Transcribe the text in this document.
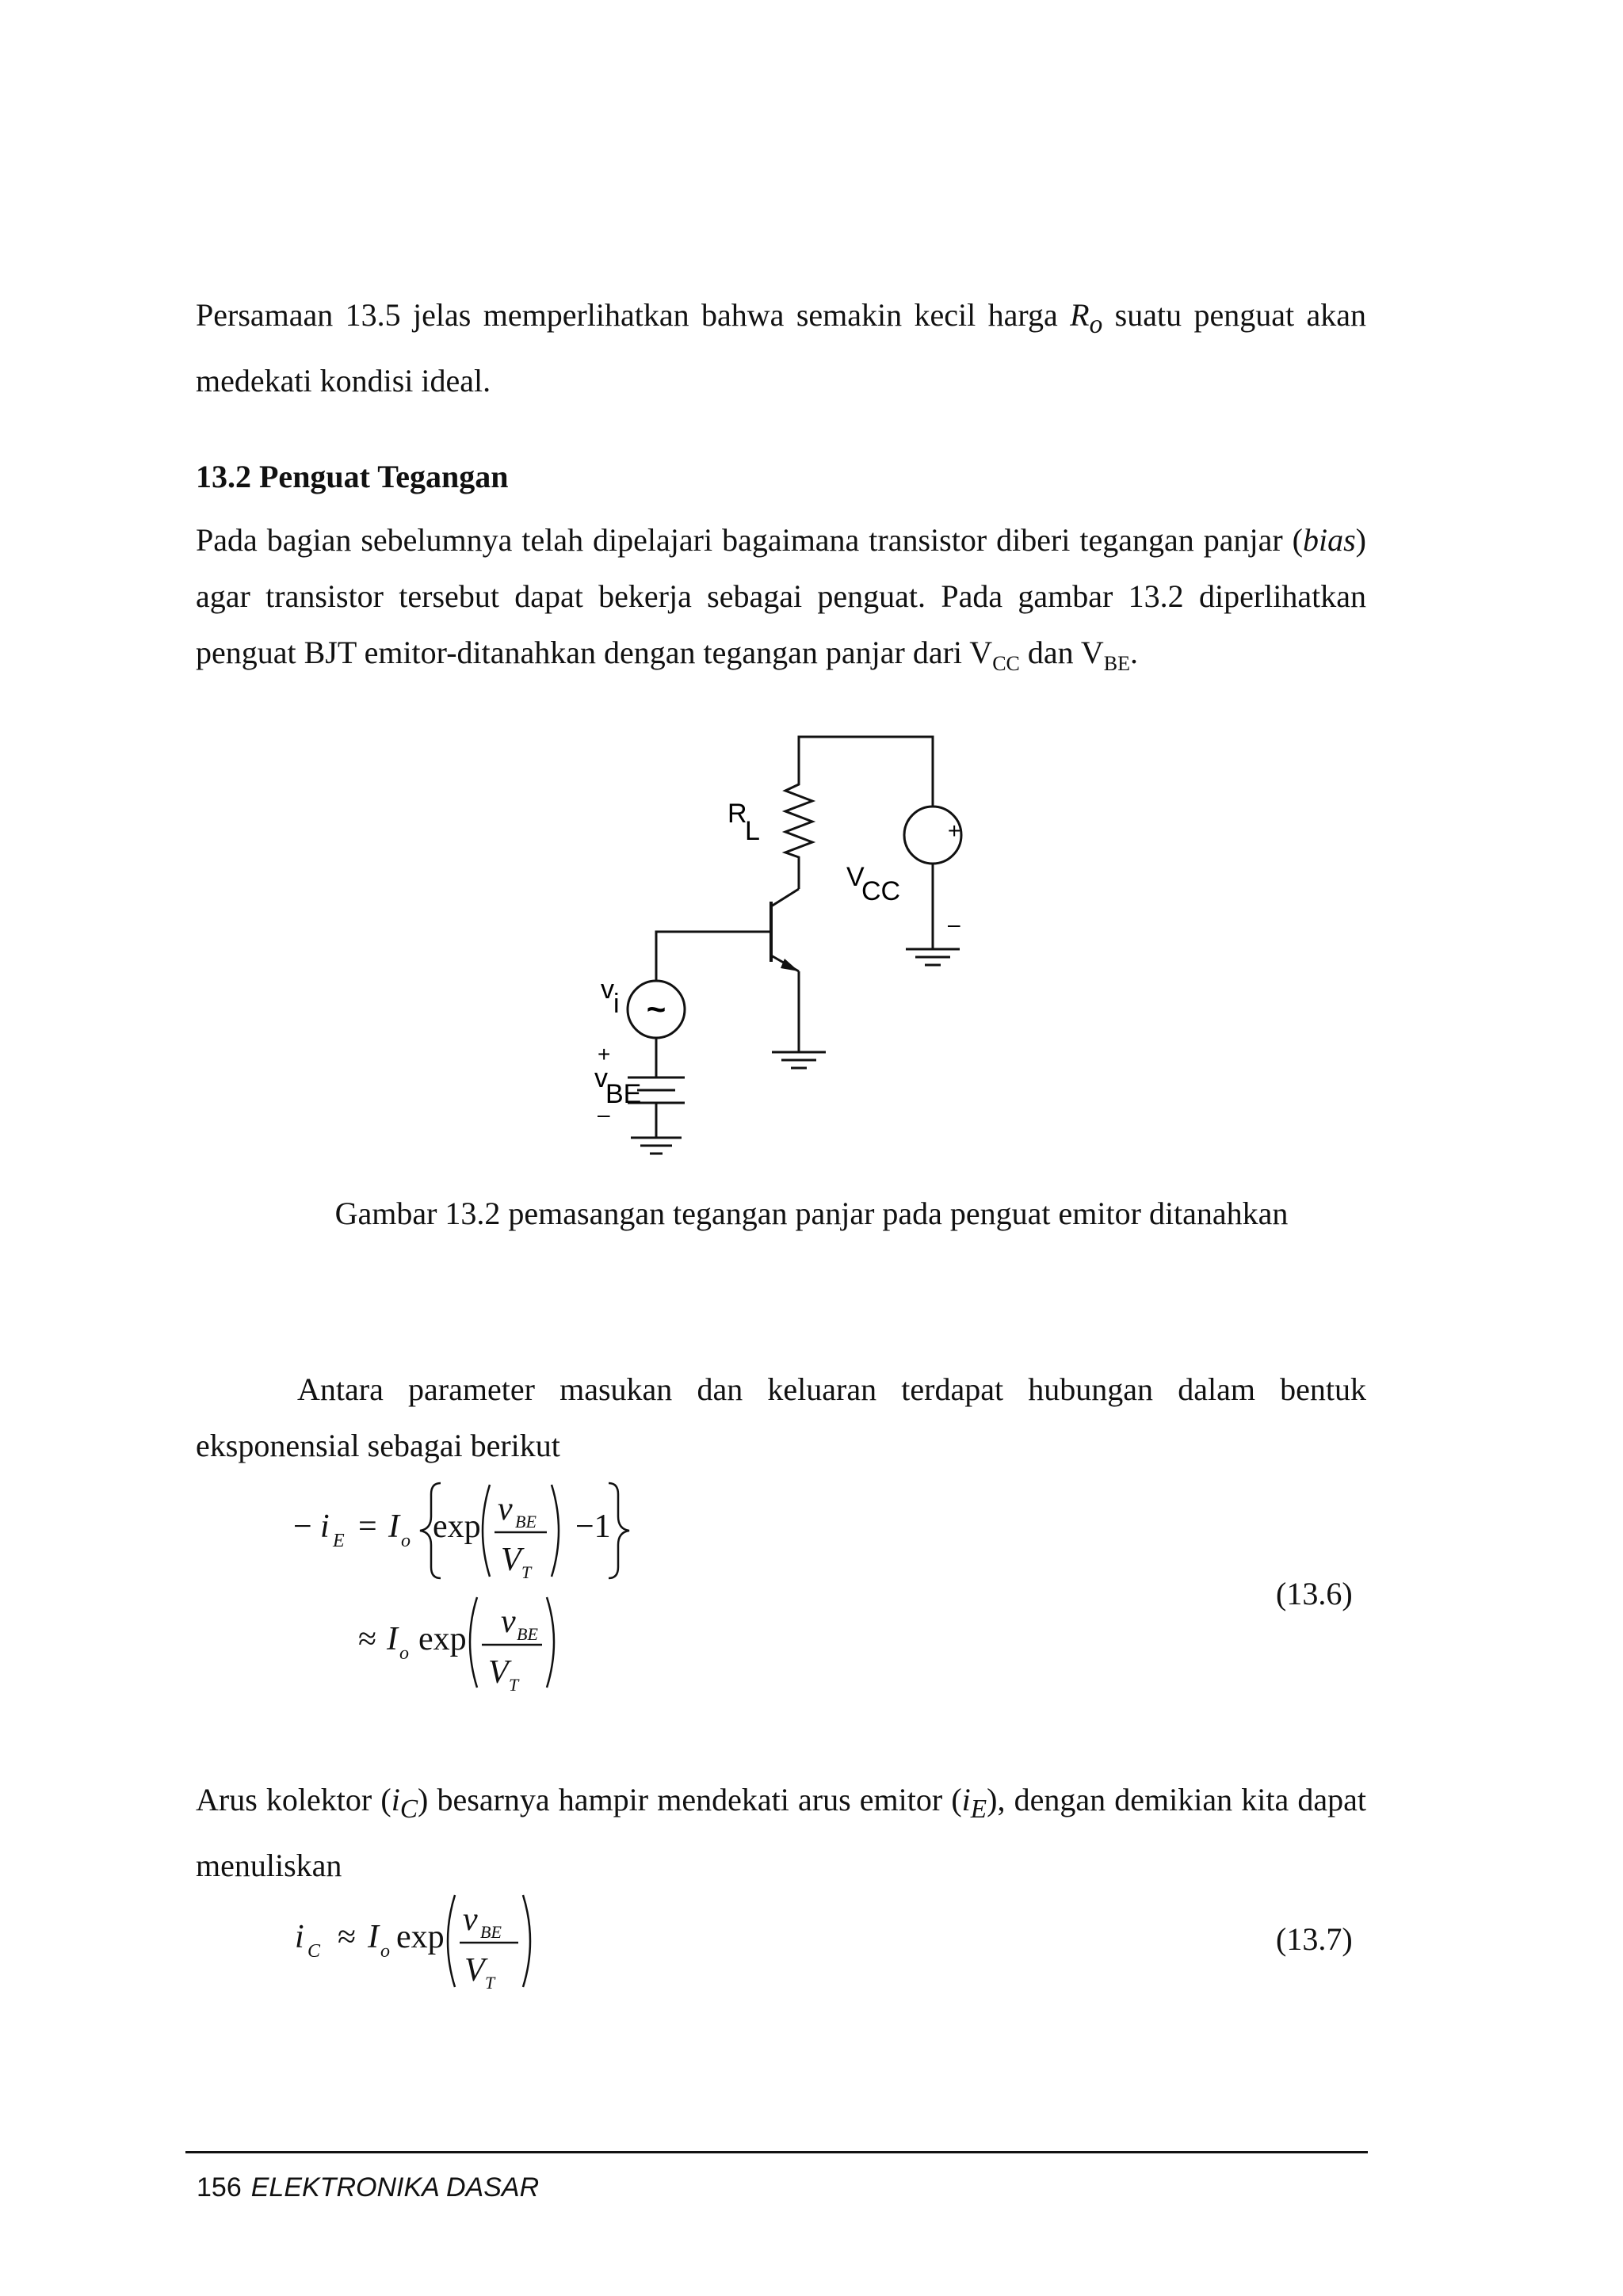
Persamaan 13.5 jelas memperlihatkan bahwa semakin kecil harga $R_o$ suatu penguat akan medekati kondisi ideal.

13.2 Penguat Tegangan

Pada bagian sebelumnya telah dipelajari bagaimana transistor diberi tegangan panjar (bias) agar transistor tersebut dapat bekerja sebagai penguat. Pada gambar 13.2 diperlihatkan penguat BJT emitor-ditanahkan dengan tegangan panjar dari $V_{CC}$ dan $V_{BE}$.

R
L
V
CC
+
–
v i ~
v
BE
+
–

Gambar 13.2 pemasangan tegangan panjar pada penguat emitor ditanahkan

Antara parameter masukan dan keluaran terdapat hubungan dalam bentuk eksponensial sebagai berikut

− i E = I o exp v BE
V T
−1
≈ I o exp v BE
V T
(13.6)

Arus kolektor $(i_C)$ besarnya hampir mendekati arus emitor $(i_E)$, dengan demikian kita dapat menuliskan

i C ≈ I o exp v BE
V T
(13.7)

156 ELEKTRONIKA DASAR
